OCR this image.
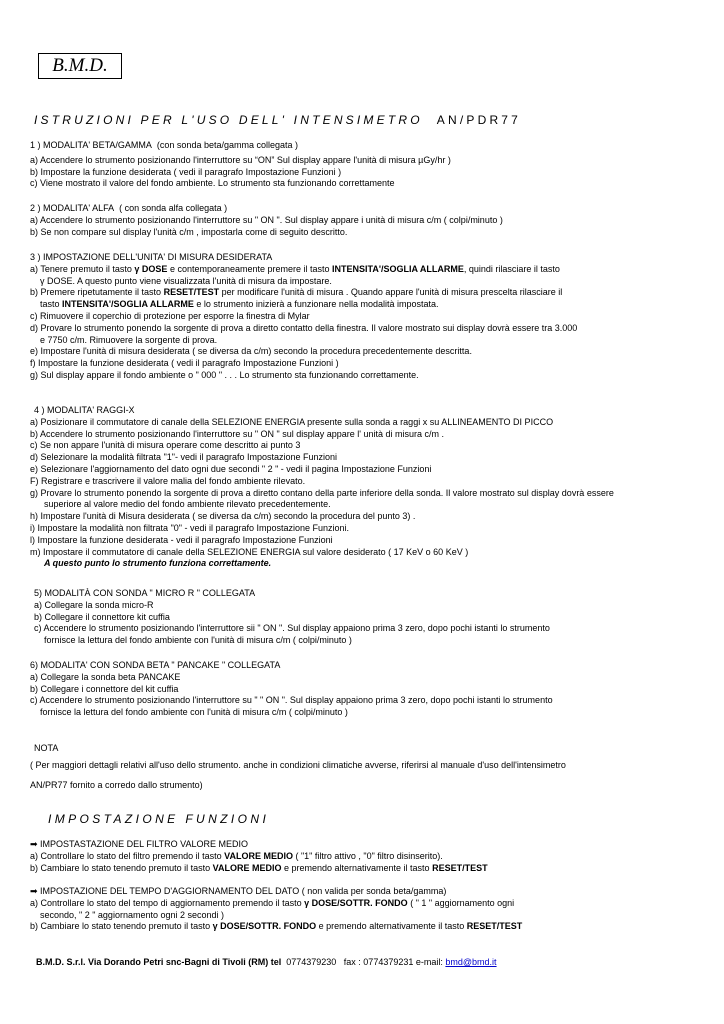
B.M.D.
ISTRUZIONI PER L'USO DELL' INTENSIMETRO AN/PDR77
1 ) MODALITA' BETA/GAMMA (con sonda beta/gamma collegata )
a) Accendere lo strumento posizionando l'interruttore su “ON” Sul display appare l'unità di misura µGy/hr )
b) Impostare la funzione desiderata ( vedi il paragrafo Impostazione Funzioni )
c) Viene mostrato il valore del fondo ambiente. Lo strumento sta funzionando correttamente
2 ) MODALITA' ALFA ( con sonda alfa collegata )
a) Accendere lo strumento posizionando l'interruttore su " ON ". Sul display appare i unità di misura c/m ( colpi/minuto )
b) Se non compare sul display l'unità c/m , impostarla come di seguito descritto.
3 ) IMPOSTAZIONE DELL'UNITA' DI MISURA DESIDERATA
a) Tenere premuto il tasto γ DOSE e contemporaneamente premere il tasto INTENSITA'/SOGLIA ALLARME, quindi rilasciare il tasto
γ DOSE. A questo punto viene visualizzata l'unità di misura da impostare.
b) Premere ripetutamente il tasto RESET/TEST per modificare l'unità di misura . Quando appare l'unità di misura prescelta rilasciare il
tasto INTENSITA'/SOGLIA ALLARME e lo strumento inizierà a funzionare nella modalità impostata.
c) Rimuovere il coperchio di protezione per esporre la finestra di Mylar
d) Provare lo strumento ponendo la sorgente di prova a diretto contatto della finestra. Il valore mostrato sui display dovrà essere tra 3.000
e 7750 c/m. Rimuovere la sorgente di prova.
e) Impostare l'unità di misura desiderata ( se diversa da c/m) secondo la procedura precedentemente descritta.
f) Impostare la funzione desiderata ( vedi il paragrafo Impostazione Funzioni )
g) Sul display appare il fondo ambiente o " 000 " . . . Lo strumento sta funzionando correttamente.
4 ) MODALITA' RAGGI-X
a) Posizionare il commutatore di canale della SELEZIONE ENERGIA presente sulla sonda a raggi x su ALLINEAMENTO DI PICCO
b) Accendere lo strumento posizionando l'interruttore su " ON " sul display appare l' unità di misura c/m .
c) Se non appare l'unità di misura operare come descritto ai punto 3
d) Selezionare la modalità filtrata "1"- vedi il paragrafo Impostazione Funzioni
e) Selezionare l'aggiornamento del dato ogni due secondi " 2 " - vedi il pagina Impostazione Funzioni
F) Registrare e trascrivere il valore malia del fondo ambiente rilevato.
g) Provare lo strumento ponendo la sorgente di prova a diretto contano della parte inferiore della sonda. Il valore mostrato sul display dovrà essere
superiore al valore medio del fondo ambiente rilevato precedentemente.
h) Impostare l'unità di Misura desiderata ( se diversa da c/m) secondo la procedura del punto 3) .
i) Impostare la modalità non filtrata "0" - vedi il paragrafo Impostazione Funzioni.
l) Impostare la funzione desiderata - vedi il paragrafo Impostazione Funzioni
m) Impostare il commutatore di canale della SELEZIONE ENERGIA sul valore desiderato ( 17 KeV o 60 KeV )
A questo punto lo strumento funziona correttamente.
5) MODALITÀ CON SONDA " MICRO R " COLLEGATA
a) Collegare la sonda micro-R
b) Collegare il connettore kit cuffia
c) Accendere lo strumento posizionando l'interruttore sii " ON ". Sul display appaiono prima 3 zero, dopo pochi istanti lo strumento
fornisce la lettura del fondo ambiente con l'unità di misura c/m ( colpi/minuto )
6) MODALITA' CON SONDA BETA " PANCAKE " COLLEGATA
a) Collegare la sonda beta PANCAKE
b) Collegare i connettore del kit cuffia
c) Accendere lo strumento posizionando l'interruttore su " " ON ". Sul display appaiono prima 3 zero, dopo pochi istanti lo strumento
fornisce la lettura del fondo ambiente con l'unità di misura c/m ( colpi/minuto )
NOTA
( Per maggiori dettagli relativi all'uso dello strumento. anche in condizioni climatiche avverse, riferirsi al manuale d'uso dell'intensimetro
AN/PR77 fornito a corredo dallo strumento)
IMPOSTAZIONE FUNZIONI
➡ IMPOSTASTAZIONE DEL FILTRO VALORE MEDIO
a) Controllare lo stato del filtro premendo il tasto VALORE MEDIO ( "1" filtro attivo , "0" filtro disinserito).
b) Cambiare lo stato tenendo premuto il tasto VALORE MEDIO e premendo alternativamente il tasto RESET/TEST
➡ IMPOSTAZIONE DEL TEMPO D'AGGIORNAMENTO DEL DATO ( non valida per sonda beta/gamma)
a) Controllare lo stato del tempo di aggiornamento premendo il tasto γ DOSE/SOTTR. FONDO ( " 1 " aggiornamento ogni
secondo, " 2 " aggiornamento ogni 2 secondi )
b) Cambiare lo stato tenendo premuto il tasto γ DOSE/SOTTR. FONDO e premendo alternativamente il tasto RESET/TEST
B.M.D. S.r.l. Via Dorando Petri snc-Bagni di Tivoli (RM) tel 0774379230 fax : 0774379231 e-mail: bmd@bmd.it
